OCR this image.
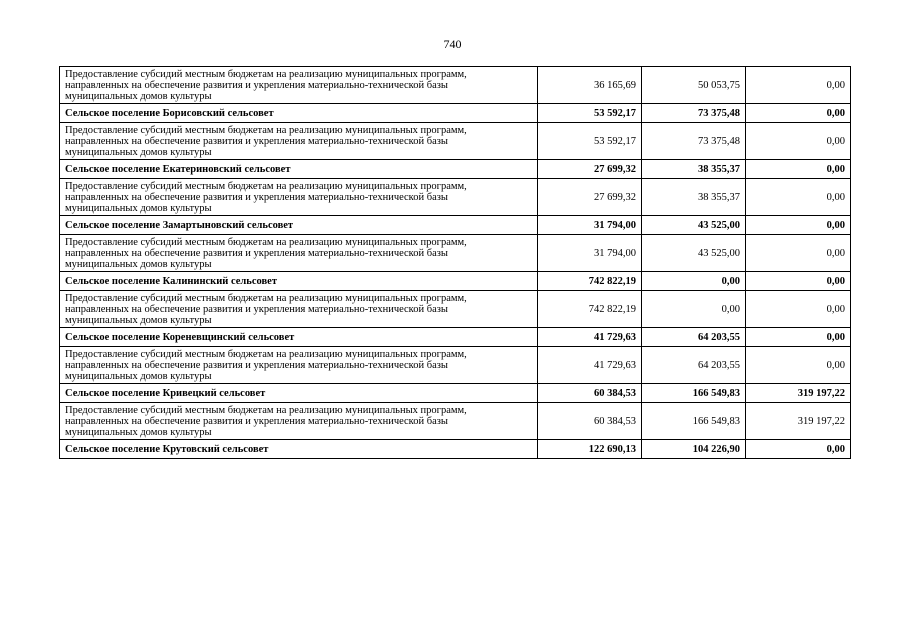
740
Предоставление субсидий местным бюджетам на реализацию муниципальных программ, направленных на обеспечение развития и укрепления материально-технической базы муниципальных домов культуры	36 165,69	50 053,75	0,00
Сельское поселение Борисовский сельсовет	53 592,17	73 375,48	0,00
Предоставление субсидий местным бюджетам на реализацию муниципальных программ, направленных на обеспечение развития и укрепления материально-технической базы муниципальных домов культуры	53 592,17	73 375,48	0,00
Сельское поселение Екатериновский сельсовет	27 699,32	38 355,37	0,00
Предоставление субсидий местным бюджетам на реализацию муниципальных программ, направленных на обеспечение развития и укрепления материально-технической базы муниципальных домов культуры	27 699,32	38 355,37	0,00
Сельское поселение Замартыновский сельсовет	31 794,00	43 525,00	0,00
Предоставление субсидий местным бюджетам на реализацию муниципальных программ, направленных на обеспечение развития и укрепления материально-технической базы муниципальных домов культуры	31 794,00	43 525,00	0,00
Сельское поселение Калининский сельсовет	742 822,19	0,00	0,00
Предоставление субсидий местным бюджетам на реализацию муниципальных программ, направленных на обеспечение развития и укрепления материально-технической базы муниципальных домов культуры	742 822,19	0,00	0,00
Сельское поселение Кореневщинский сельсовет	41 729,63	64 203,55	0,00
Предоставление субсидий местным бюджетам на реализацию муниципальных программ, направленных на обеспечение развития и укрепления материально-технической базы муниципальных домов культуры	41 729,63	64 203,55	0,00
Сельское поселение Кривецкий сельсовет	60 384,53	166 549,83	319 197,22
Предоставление субсидий местным бюджетам на реализацию муниципальных программ, направленных на обеспечение развития и укрепления материально-технической базы муниципальных домов культуры	60 384,53	166 549,83	319 197,22
Сельское поселение Крутовский сельсовет	122 690,13	104 226,90	0,00
